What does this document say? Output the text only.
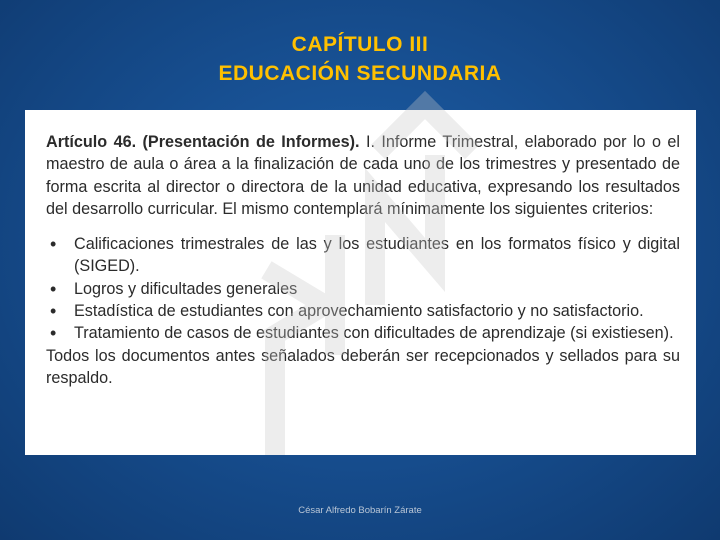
CAPÍTULO III
EDUCACIÓN SECUNDARIA

Artículo 46. (Presentación de Informes). I. Informe Trimestral, elaborado por lo o el maestro de aula o área a la finalización de cada uno de los trimestres y presentado de forma escrita al director o directora de la unidad educativa, expresando los resultados del desarrollo curricular. El mismo contemplará mínimamente los siguientes criterios:

• Calificaciones trimestrales de las y los estudiantes en los formatos físico y digital (SIGED).
• Logros y dificultades generales
• Estadística de estudiantes con aprovechamiento satisfactorio y no satisfactorio.
• Tratamiento de casos de estudiantes con dificultades de aprendizaje (si existiesen).

Todos los documentos antes señalados deberán ser recepcionados y sellados para su respaldo.

César Alfredo Bobarín Zárate
